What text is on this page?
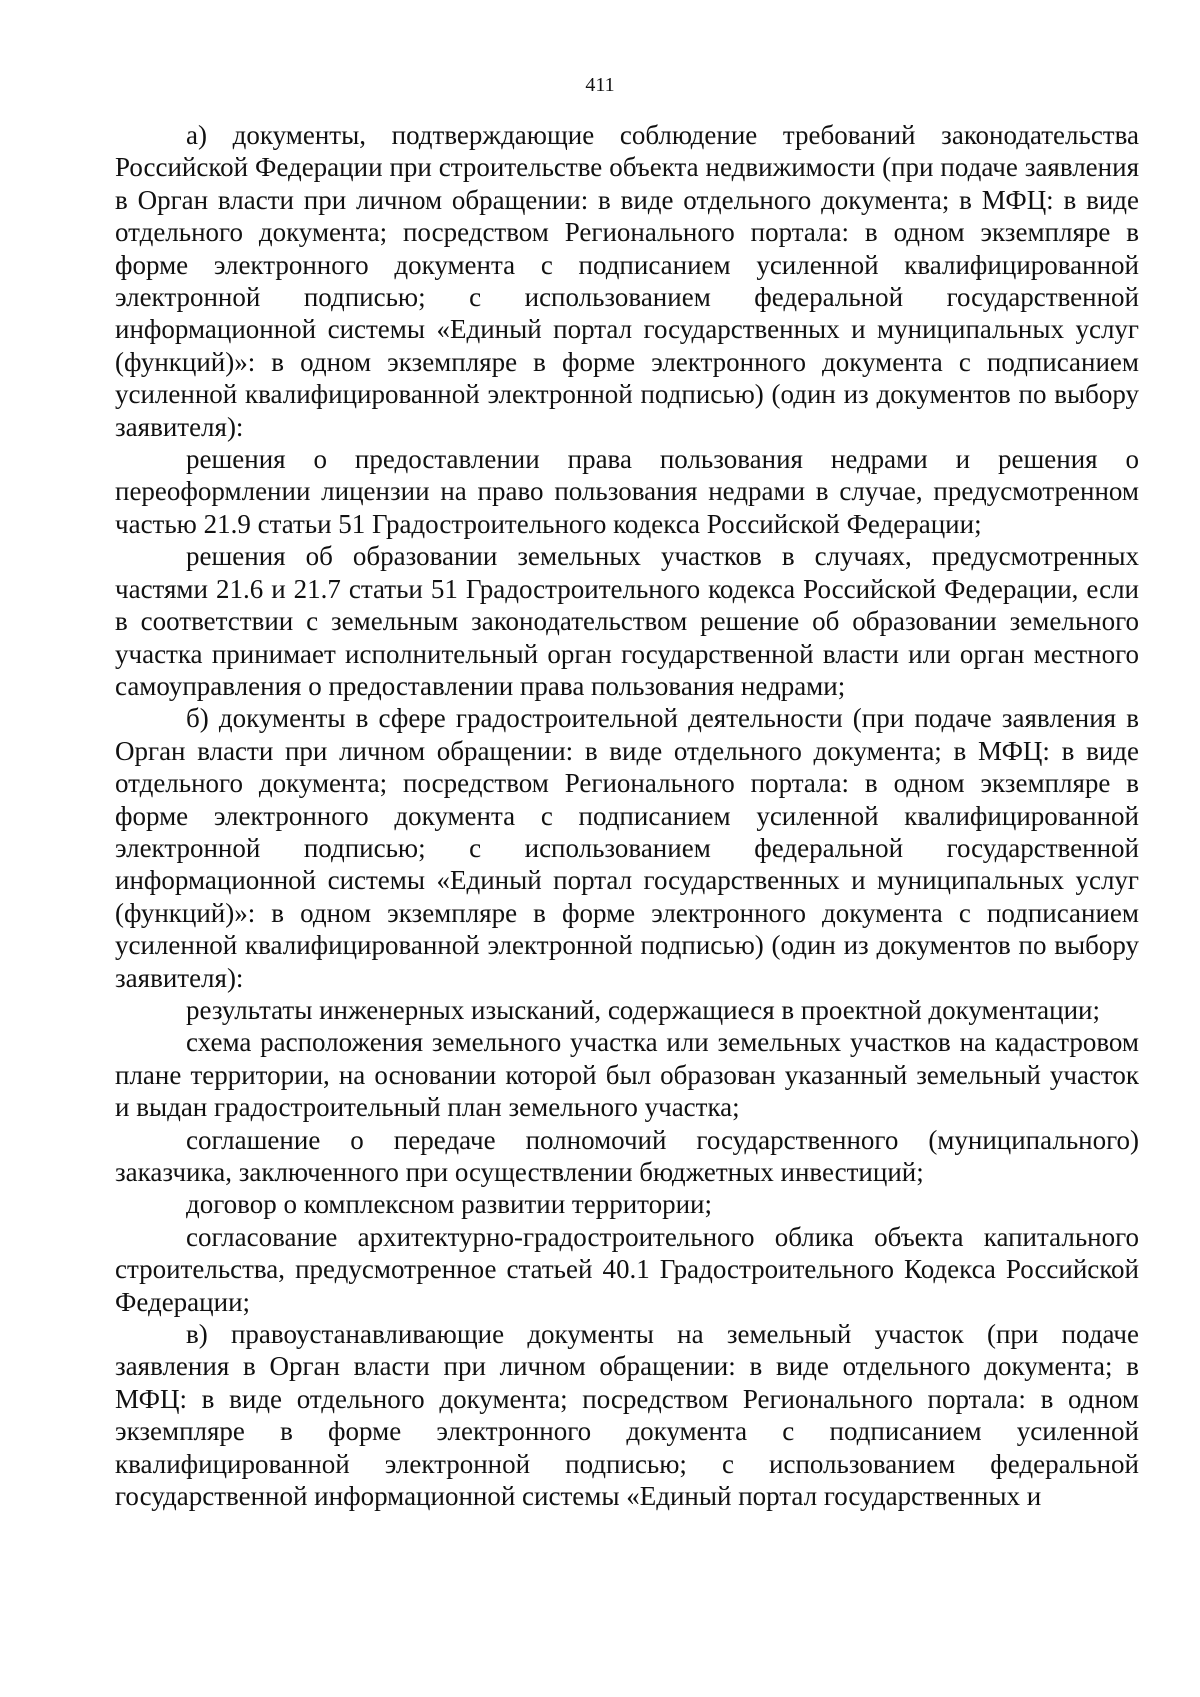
411

а) документы, подтверждающие соблюдение требований законодательства Российской Федерации при строительстве объекта недвижимости (при подаче заявления в Орган власти при личном обращении: в виде отдельного документа; в МФЦ: в виде отдельного документа; посредством Регионального портала: в одном экземпляре в форме электронного документа с подписанием усиленной квалифицированной электронной подписью; с использованием федеральной государственной информационной системы «Единый портал государственных и муниципальных услуг (функций)»: в одном экземпляре в форме электронного документа с подписанием усиленной квалифицированной электронной подписью) (один из документов по выбору заявителя):

решения о предоставлении права пользования недрами и решения о переоформлении лицензии на право пользования недрами в случае, предусмотренном частью 21.9 статьи 51 Градостроительного кодекса Российской Федерации;

решения об образовании земельных участков в случаях, предусмотренных частями 21.6 и 21.7 статьи 51 Градостроительного кодекса Российской Федерации, если в соответствии с земельным законодательством решение об образовании земельного участка принимает исполнительный орган государственной власти или орган местного самоуправления о предоставлении права пользования недрами;

б) документы в сфере градостроительной деятельности (при подаче заявления в Орган власти при личном обращении: в виде отдельного документа; в МФЦ: в виде отдельного документа; посредством Регионального портала: в одном экземпляре в форме электронного документа с подписанием усиленной квалифицированной электронной подписью; с использованием федеральной государственной информационной системы «Единый портал государственных и муниципальных услуг (функций)»: в одном экземпляре в форме электронного документа с подписанием усиленной квалифицированной электронной подписью) (один из документов по выбору заявителя):

результаты инженерных изысканий, содержащиеся в проектной документации;

схема расположения земельного участка или земельных участков на кадастровом плане территории, на основании которой был образован указанный земельный участок и выдан градостроительный план земельного участка;

соглашение о передаче полномочий государственного (муниципального) заказчика, заключенного при осуществлении бюджетных инвестиций;

договор о комплексном развитии территории;

согласование архитектурно-градостроительного облика объекта капитального строительства, предусмотренное статьей 40.1 Градостроительного Кодекса Российской Федерации;

в) правоустанавливающие документы на земельный участок (при подаче заявления в Орган власти при личном обращении: в виде отдельного документа; в МФЦ: в виде отдельного документа; посредством Регионального портала: в одном экземпляре в форме электронного документа с подписанием усиленной квалифицированной электронной подписью; с использованием федеральной государственной информационной системы «Единый портал государственных и
